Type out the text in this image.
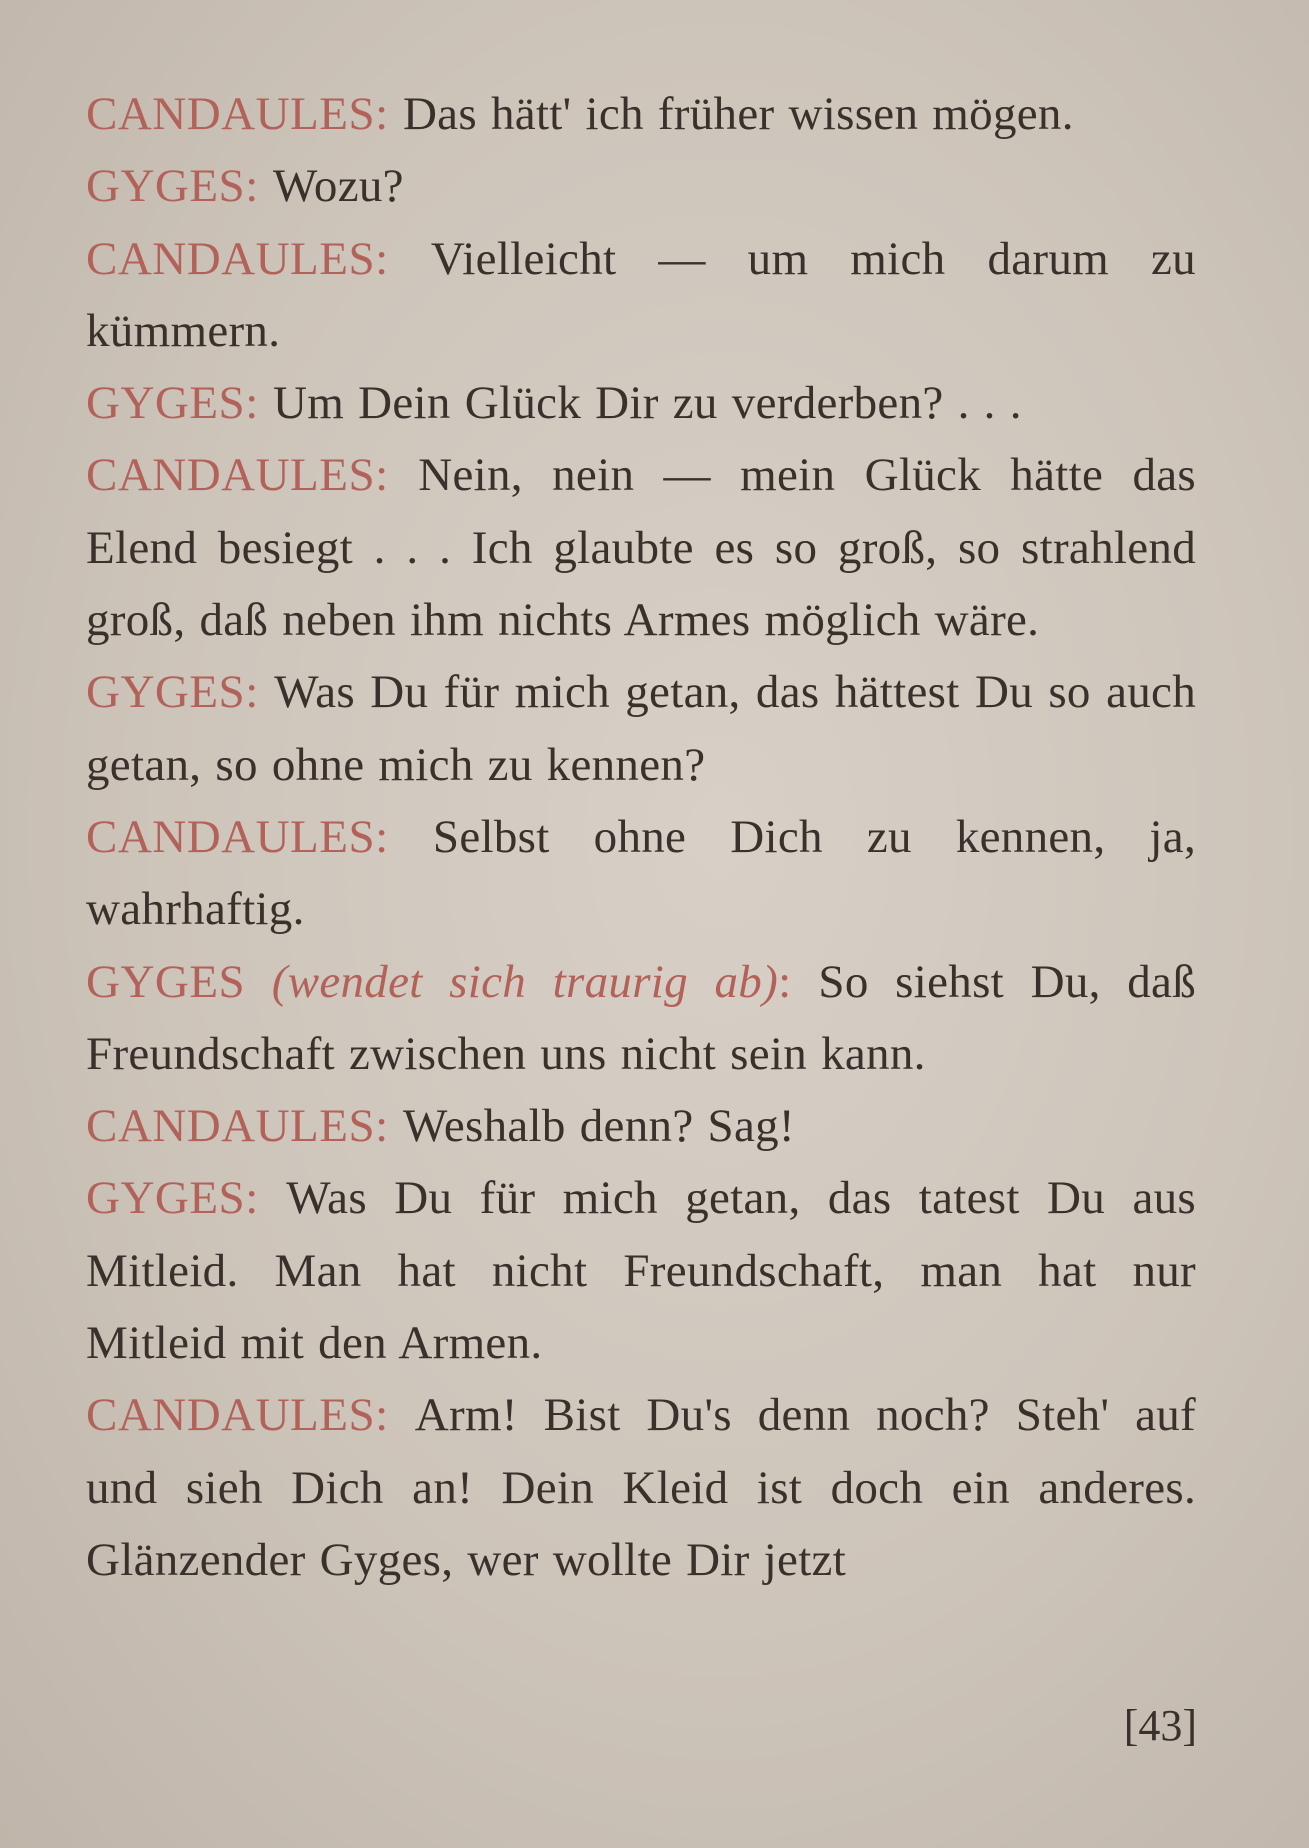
CANDAULES: Das hätt' ich früher wissen mögen.

GYGES: Wozu?

CANDAULES: Vielleicht — um mich darum zu kümmern.

GYGES: Um Dein Glück Dir zu verderben? . . .

CANDAULES: Nein, nein — mein Glück hätte das Elend besiegt . . . Ich glaubte es so groß, so strahlend groß, daß neben ihm nichts Armes möglich wäre.

GYGES: Was Du für mich getan, das hättest Du so auch getan, so ohne mich zu kennen?

CANDAULES: Selbst ohne Dich zu kennen, ja, wahrhaftig.

GYGES (wendet sich traurig ab): So siehst Du, daß Freundschaft zwischen uns nicht sein kann.

CANDAULES: Weshalb denn? Sag!

GYGES: Was Du für mich getan, das tatest Du aus Mitleid. Man hat nicht Freundschaft, man hat nur Mitleid mit den Armen.

CANDAULES: Arm! Bist Du's denn noch? Steh' auf und sieh Dich an! Dein Kleid ist doch ein anderes. Glänzender Gyges, wer wollte Dir jetzt

[43]
